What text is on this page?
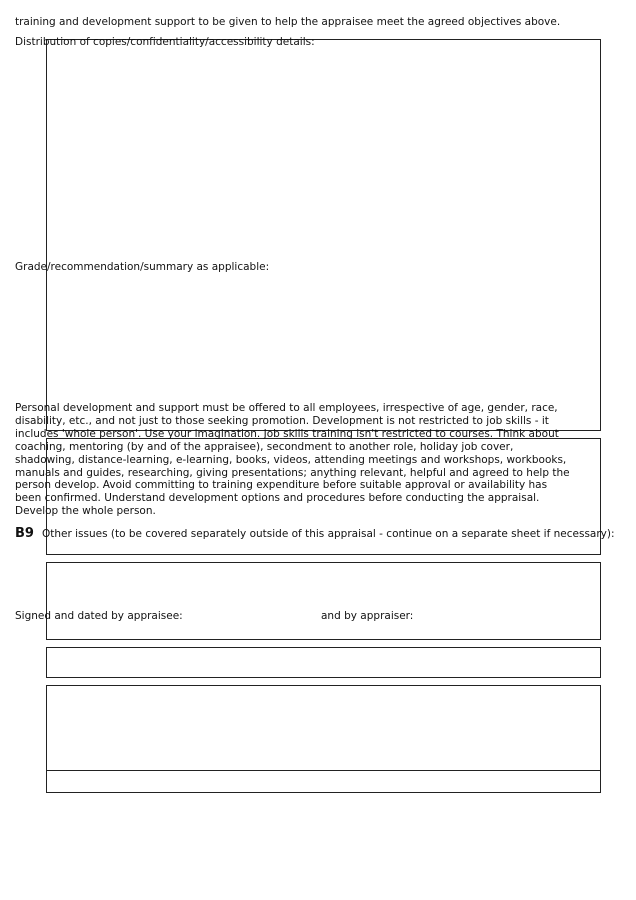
training and development support to be given to help the appraisee meet the agreed objectives above.
Distribution of copies/confidentiality/accessibility details:
Grade/recommendation/summary as applicable:
Personal development and support must be offered to all employees, irrespective of age, gender, race, disability, etc., and not just to those seeking promotion. Development is not restricted to job skills - it includes 'whole person'. Use your imagination. Job skills training isn't restricted to courses. Think about coaching, mentoring (by and of the appraisee), secondment to another role, holiday job cover, shadowing, distance-learning, e-learning, books, videos, attending meetings and workshops, workbooks, manuals and guides, researching, giving presentations; anything relevant, helpful and agreed to help the person develop. Avoid committing to training expenditure before suitable approval or availability has been confirmed. Understand development options and procedures before conducting the appraisal. Develop the whole person.
B9 Other issues (to be covered separately outside of this appraisal - continue on a separate sheet if necessary):
Signed and dated by appraisee:	and by appraiser:
